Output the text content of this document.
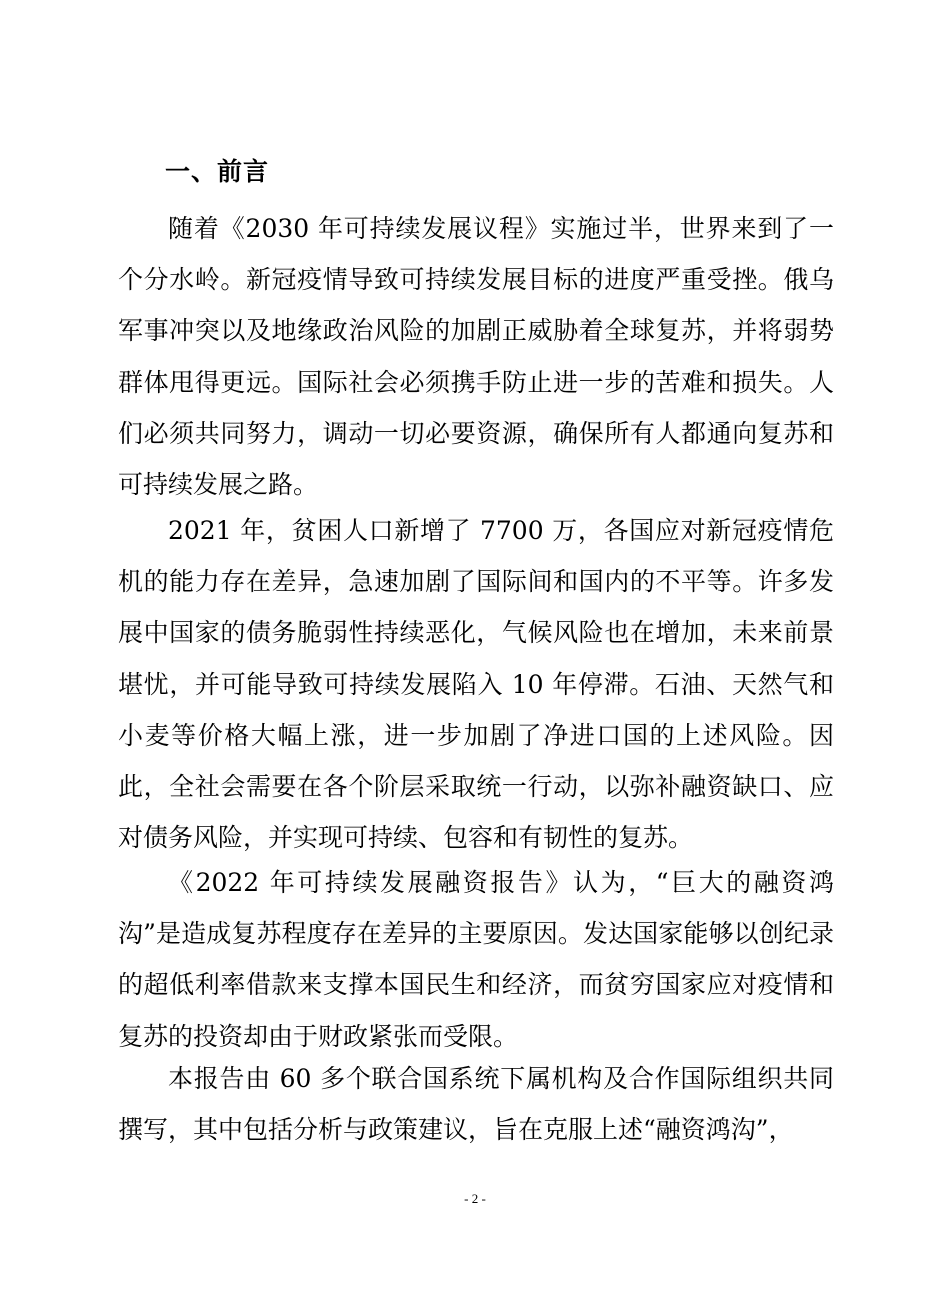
一、前言

随着《2030 年可持续发展议程》实施过半，世界来到了一个分水岭。新冠疫情导致可持续发展目标的进度严重受挫。俄乌军事冲突以及地缘政治风险的加剧正威胁着全球复苏，并将弱势群体甩得更远。国际社会必须携手防止进一步的苦难和损失。人们必须共同努力，调动一切必要资源，确保所有人都通向复苏和可持续发展之路。

2021 年，贫困人口新增了 7700 万，各国应对新冠疫情危机的能力存在差异，急速加剧了国际间和国内的不平等。许多发展中国家的债务脆弱性持续恶化，气候风险也在增加，未来前景堪忧，并可能导致可持续发展陷入 10 年停滞。石油、天然气和小麦等价格大幅上涨，进一步加剧了净进口国的上述风险。因此，全社会需要在各个阶层采取统一行动，以弥补融资缺口、应对债务风险，并实现可持续、包容和有韧性的复苏。

《2022 年可持续发展融资报告》认为，“巨大的融资鸿沟”是造成复苏程度存在差异的主要原因。发达国家能够以创纪录的超低利率借款来支撑本国民生和经济，而贫穷国家应对疫情和复苏的投资却由于财政紧张而受限。

本报告由 60 多个联合国系统下属机构及合作国际组织共同撰写，其中包括分析与政策建议，旨在克服上述“融资鸿沟”，

- 2 -
